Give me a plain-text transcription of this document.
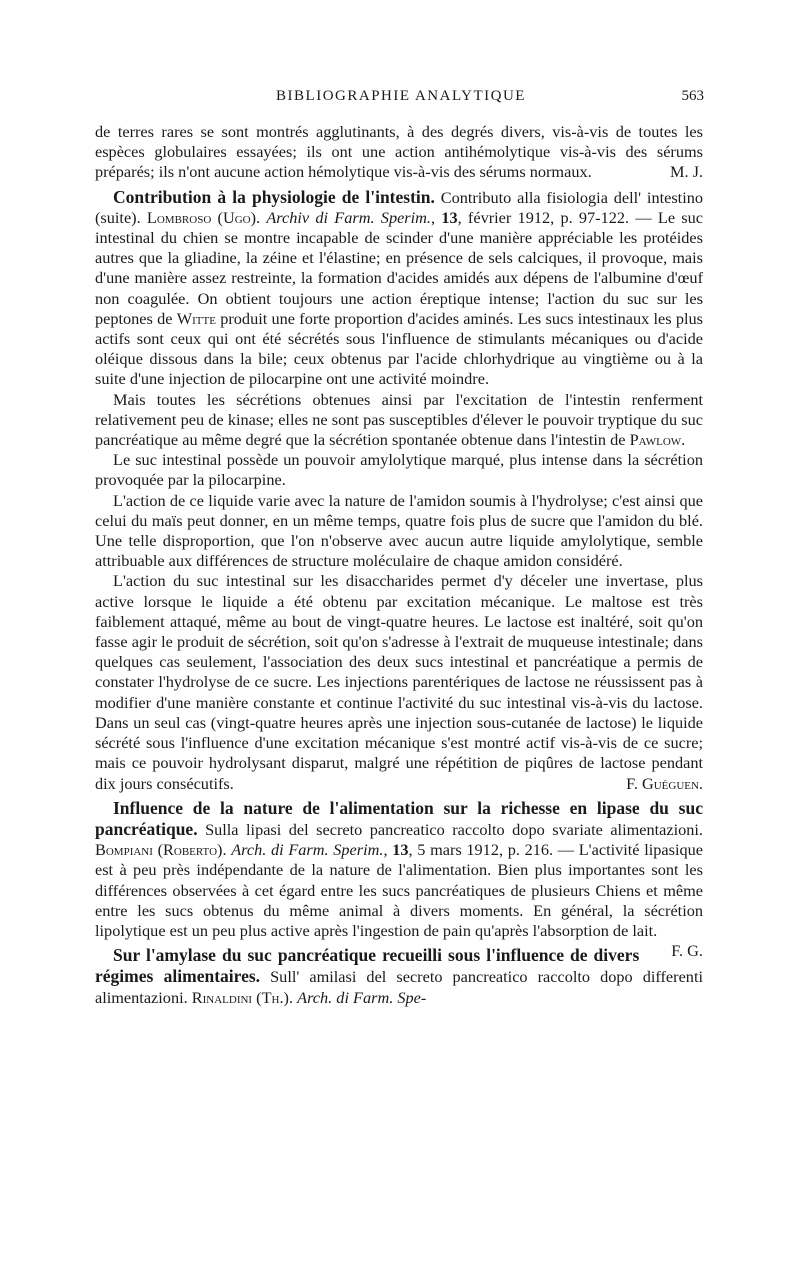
BIBLIOGRAPHIE ANALYTIQUE	563

de terres rares se sont montrés agglutinants, à des degrés divers, vis-à-vis de toutes les espèces globulaires essayées; ils ont une action antihémolytique vis-à-vis des sérums préparés; ils n'ont aucune action hémolytique vis-à-vis des sérums normaux.	M. J.

Contribution à la physiologie de l'intestin. Contributo alla fisiologia dell' intestino (suite). Lombroso (Ugo). Archiv di Farm. Sperim., 13, février 1912, p. 97-122. — Le suc intestinal du chien se montre incapable de scinder d'une manière appréciable les protéides autres que la gliadine, la zéine et l'élastine; en présence de sels calciques, il provoque, mais d'une manière assez restreinte, la formation d'acides amidés aux dépens de l'albumine d'œuf non coagulée. On obtient toujours une action éreptique intense; l'action du suc sur les peptones de Witte produit une forte proportion d'acides aminés. Les sucs intestinaux les plus actifs sont ceux qui ont été sécrétés sous l'influence de stimulants mécaniques ou d'acide oléique dissous dans la bile; ceux obtenus par l'acide chlorhydrique au vingtième ou à la suite d'une injection de pilocarpine ont une activité moindre.

Mais toutes les sécrétions obtenues ainsi par l'excitation de l'intestin renferment relativement peu de kinase; elles ne sont pas susceptibles d'élever le pouvoir tryptique du suc pancréatique au même degré que la sécrétion spontanée obtenue dans l'intestin de Pawlow.

Le suc intestinal possède un pouvoir amylolytique marqué, plus intense dans la sécrétion provoquée par la pilocarpine.

L'action de ce liquide varie avec la nature de l'amidon soumis à l'hydrolyse; c'est ainsi que celui du maïs peut donner, en un même temps, quatre fois plus de sucre que l'amidon du blé. Une telle disproportion, que l'on n'observe avec aucun autre liquide amylolytique, semble attribuable aux différences de structure moléculaire de chaque amidon considéré.

L'action du suc intestinal sur les disaccharides permet d'y déceler une invertase, plus active lorsque le liquide a été obtenu par excitation mécanique. Le maltose est très faiblement attaqué, même au bout de vingt-quatre heures. Le lactose est inaltéré, soit qu'on fasse agir le produit de sécrétion, soit qu'on s'adresse à l'extrait de muqueuse intestinale; dans quelques cas seulement, l'association des deux sucs intestinal et pancréatique a permis de constater l'hydrolyse de ce sucre. Les injections parentériques de lactose ne réussissent pas à modifier d'une manière constante et continue l'activité du suc intestinal vis-à-vis du lactose. Dans un seul cas (vingt-quatre heures après une injection sous-cutanée de lactose) le liquide sécrété sous l'influence d'une excitation mécanique s'est montré actif vis-à-vis de ce sucre; mais ce pouvoir hydrolysant disparut, malgré une répétition de piqûres de lactose pendant dix jours consécutifs.	F. Guéguen.

Influence de la nature de l'alimentation sur la richesse en lipase du suc pancréatique. Sulla lipasi del secreto pancreatico raccolto dopo svariate alimentazioni. Bompiani (Roberto). Arch. di Farm. Sperim., 13, 5 mars 1912, p. 216. — L'activité lipasique est à peu près indépendante de la nature de l'alimentation. Bien plus importantes sont les différences observées à cet égard entre les sucs pancréatiques de plusieurs Chiens et même entre les sucs obtenus du même animal à divers moments. En général, la sécrétion lipolytique est un peu plus active après l'ingestion de pain qu'après l'absorption de lait.
F. G.

Sur l'amylase du suc pancréatique recueilli sous l'influence de divers régimes alimentaires. Sull' amilasi del secreto pancreatico raccolto dopo differenti alimentazioni. Rinaldini (Th.). Arch. di Farm. Spe-
